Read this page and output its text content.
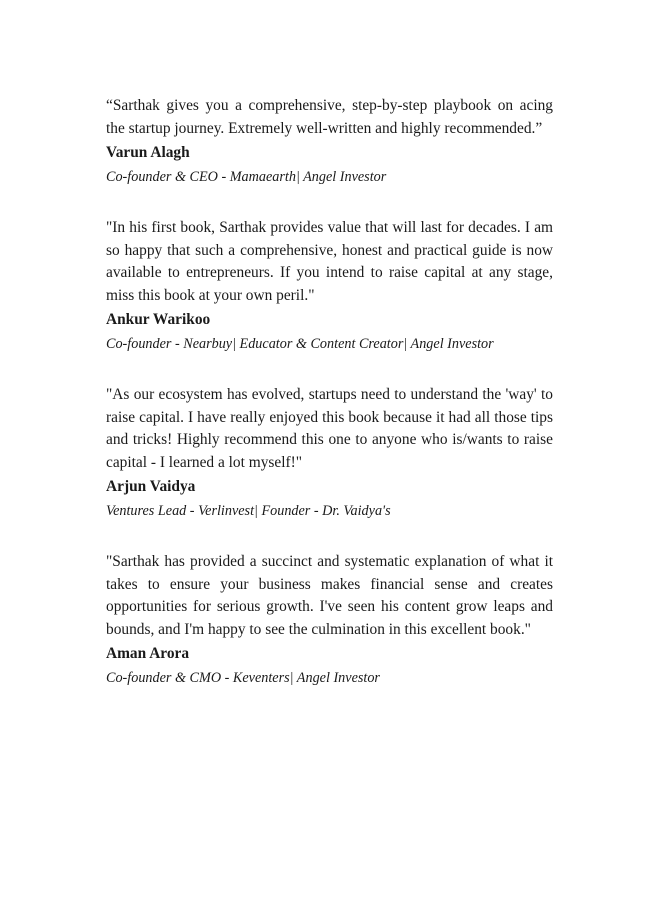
“Sarthak gives you a comprehensive, step-by-step playbook on acing the startup journey. Extremely well-written and highly recommended.”

Varun Alagh

Co-founder & CEO - Mamaearth| Angel Investor

"In his first book, Sarthak provides value that will last for decades. I am so happy that such a comprehensive, honest and practical guide is now available to entrepreneurs. If you intend to raise capital at any stage, miss this book at your own peril."

Ankur Warikoo

Co-founder - Nearbuy| Educator & Content Creator| Angel Investor

"As our ecosystem has evolved, startups need to understand the 'way' to raise capital. I have really enjoyed this book because it had all those tips and tricks! Highly recommend this one to anyone who is/wants to raise capital - I learned a lot myself!"

Arjun Vaidya

Ventures Lead - Verlinvest| Founder - Dr. Vaidya's

"Sarthak has provided a succinct and systematic explanation of what it takes to ensure your business makes financial sense and creates opportunities for serious growth. I've seen his content grow leaps and bounds, and I'm happy to see the culmination in this excellent book."

Aman Arora

Co-founder & CMO - Keventers| Angel Investor
